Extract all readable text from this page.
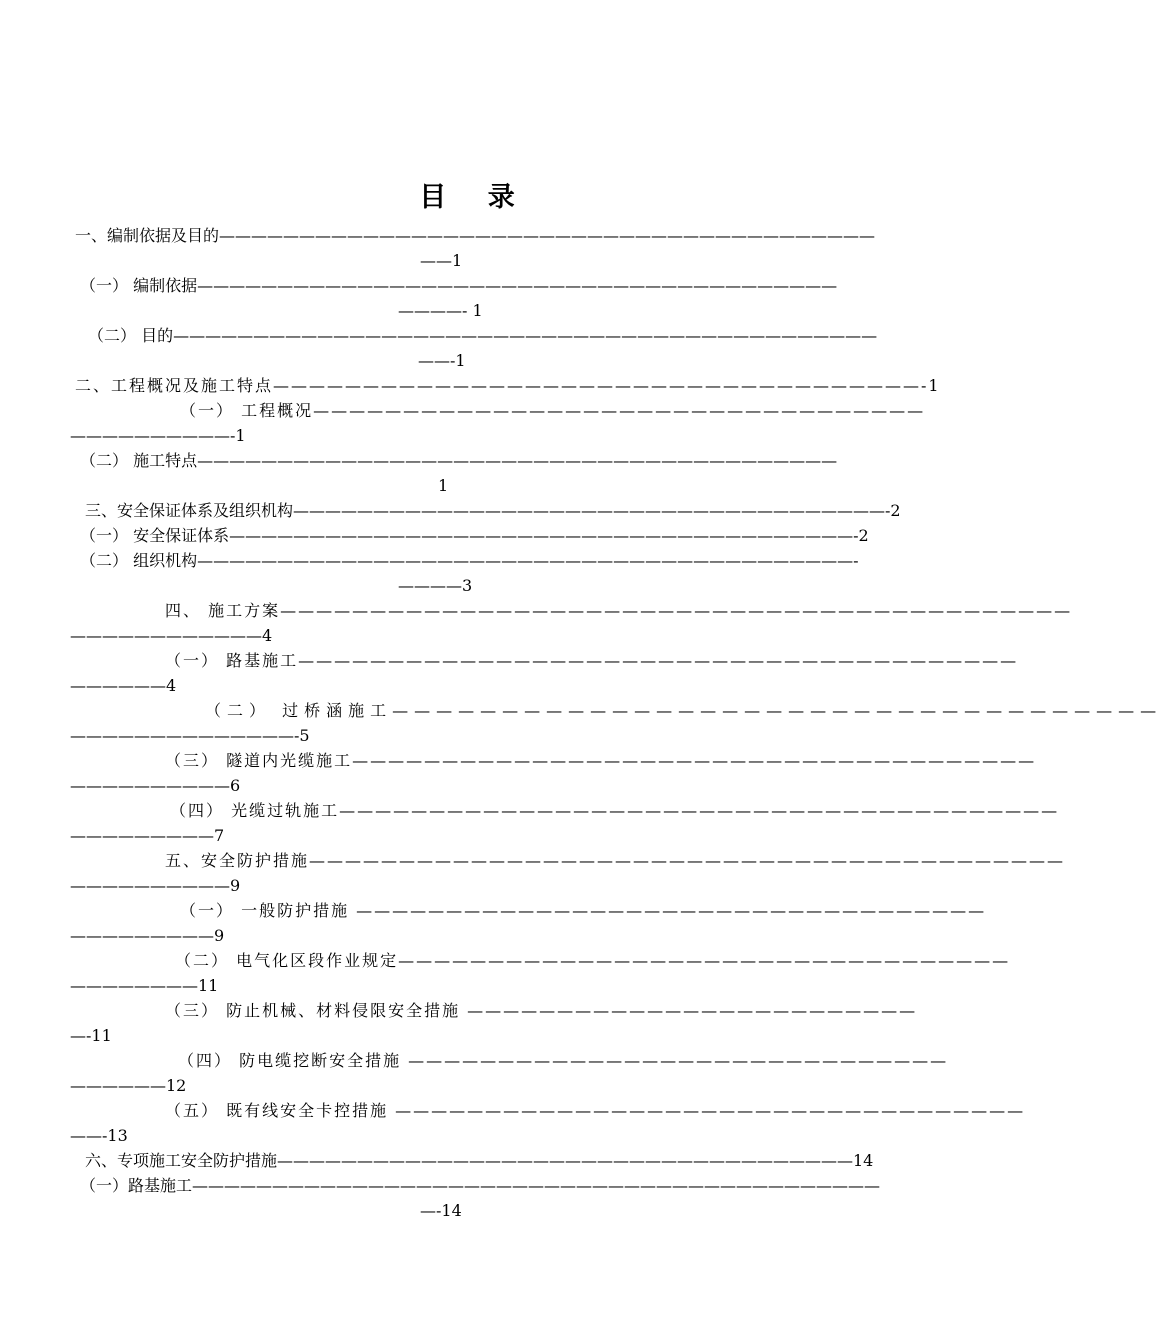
目 录
一、编制依据及目的—————————————————————————————————————————
——1
（一） 编制依据————————————————————————————————————————
————- 1
（二） 目的————————————————————————————————————————————
——-1
二、工程概况及施工特点————————————————————————————————————-1
（一） 工程概况——————————————————————————————————
——————————-1
（二） 施工特点————————————————————————————————————————
1
三、安全保证体系及组织机构—————————————————————————————————————-2
（一） 安全保证体系———————————————————————————————————————-2
（二） 组织机构—————————————————————————————————————————-
————3
四、 施工方案————————————————————————————————————————————
————————————4
（一） 路基施工————————————————————————————————————————
——————4
（二） 过桥涵施工———————————————————————————————————
——————————————-5
（三） 隧道内光缆施工——————————————————————————————————————
——————————6
（四） 光缆过轨施工————————————————————————————————————————
—————————7
五、安全防护措施——————————————————————————————————————————
——————————9
（一） 一般防护措施 ———————————————————————————————————
—————————9
（二） 电气化区段作业规定——————————————————————————————————
————————11
（三） 防止机械、材料侵限安全措施 —————————————————————————
—-11
（四） 防电缆挖断安全措施 ——————————————————————————————
——————12
（五） 既有线安全卡控措施 ———————————————————————————————————
——-13
六、专项施工安全防护措施————————————————————————————————————14
（一）路基施工———————————————————————————————————————————
—-14
